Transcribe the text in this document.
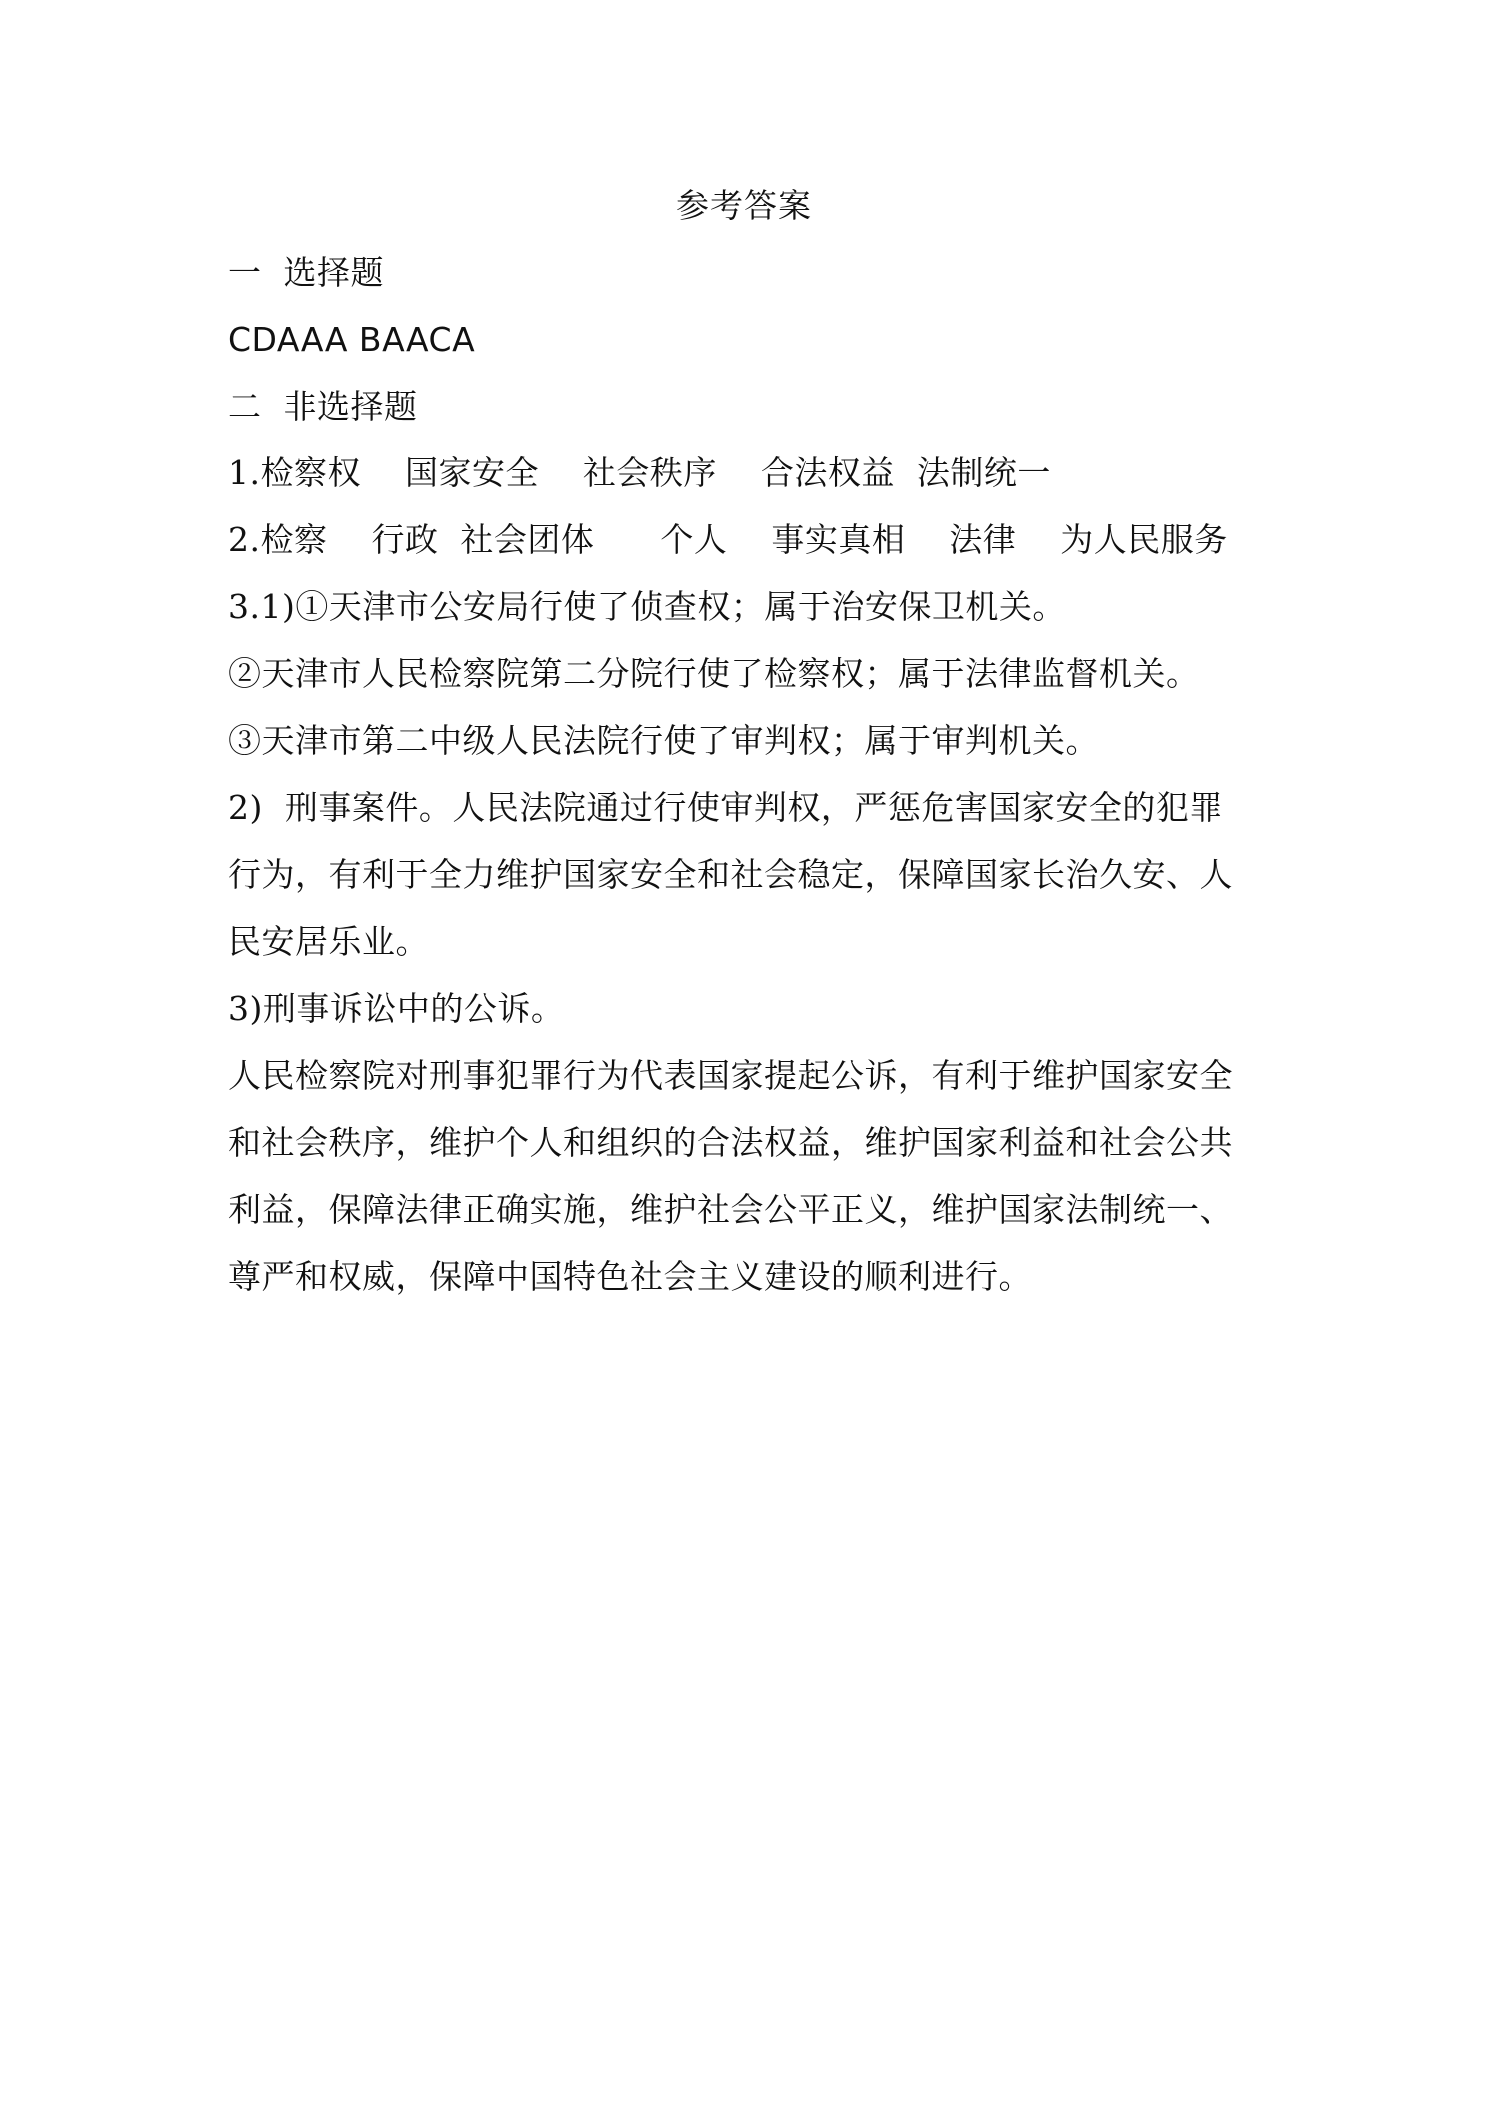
参考答案
一  选择题
CDAAA BAACA
二  非选择题
1.检察权    国家安全    社会秩序    合法权益  法制统一
2.检察    行政  社会团体      个人    事实真相    法律    为人民服务
3.1)①天津市公安局行使了侦查权；属于治安保卫机关。
②天津市人民检察院第二分院行使了检察权；属于法律监督机关。
③天津市第二中级人民法院行使了审判权；属于审判机关。
2)  刑事案件。人民法院通过行使审判权，严惩危害国家安全的犯罪
行为，有利于全力维护国家安全和社会稳定，保障国家长治久安、人
民安居乐业。
3)刑事诉讼中的公诉。
人民检察院对刑事犯罪行为代表国家提起公诉，有利于维护国家安全
和社会秩序，维护个人和组织的合法权益，维护国家利益和社会公共
利益，保障法律正确实施，维护社会公平正义，维护国家法制统一、
尊严和权威，保障中国特色社会主义建设的顺利进行。
